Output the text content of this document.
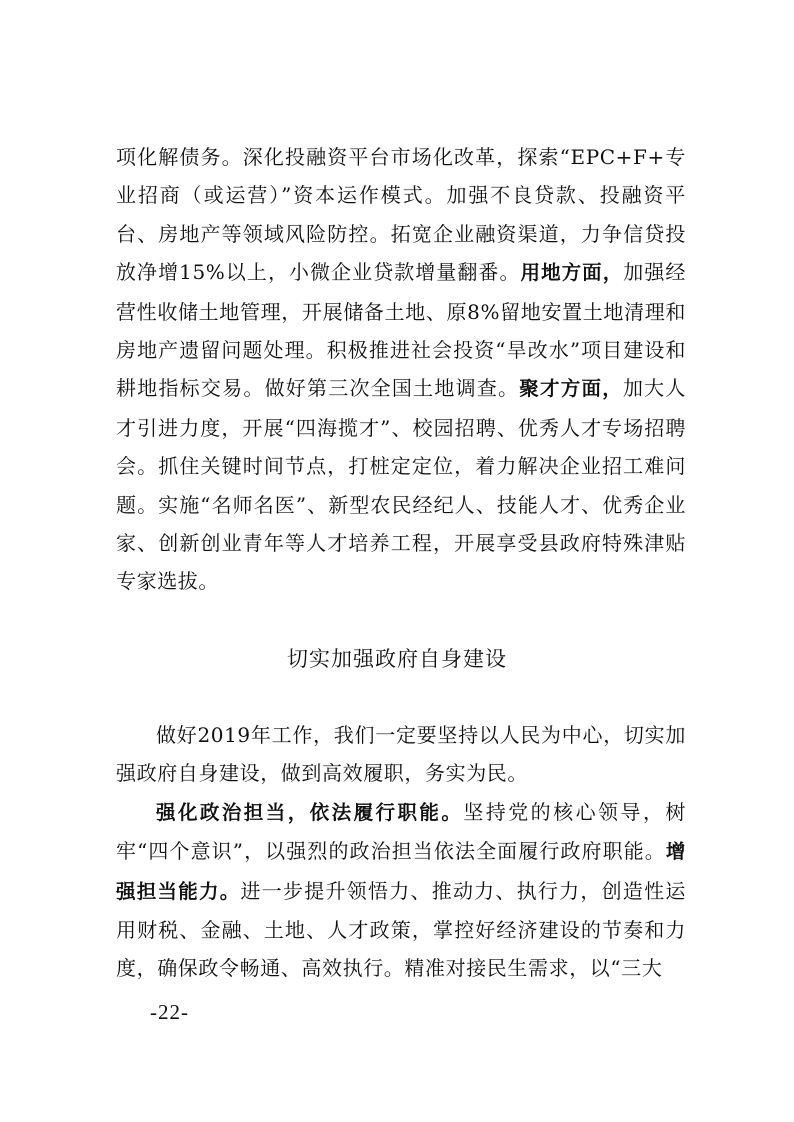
项化解债务。深化投融资平台市场化改革，探索“EPC+F+专业招商（或运营）”资本运作模式。加强不良贷款、投融资平台、房地产等领域风险防控。拓宽企业融资渠道，力争信贷投放净增15%以上，小微企业贷款增量翻番。用地方面，加强经营性收储土地管理，开展储备土地、原8%留地安置土地清理和房地产遗留问题处理。积极推进社会投资“旱改水”项目建设和耕地指标交易。做好第三次全国土地调查。聚才方面，加大人才引进力度，开展“四海揽才”、校园招聘、优秀人才专场招聘会。抓住关键时间节点，打桩定定位，着力解决企业招工难问题。实施“名师名医”、新型农民经纪人、技能人才、优秀企业家、创新创业青年等人才培养工程，开展享受县政府特殊津贴专家选拔。

切实加强政府自身建设

做好2019年工作，我们一定要坚持以人民为中心，切实加强政府自身建设，做到高效履职，务实为民。

强化政治担当，依法履行职能。坚持党的核心领导，树牢“四个意识”，以强烈的政治担当依法全面履行政府职能。增强担当能力。进一步提升领悟力、推动力、执行力，创造性运用财税、金融、土地、人才政策，掌控好经济建设的节奏和力度，确保政令畅通、高效执行。精准对接民生需求，以“三大

-22-
